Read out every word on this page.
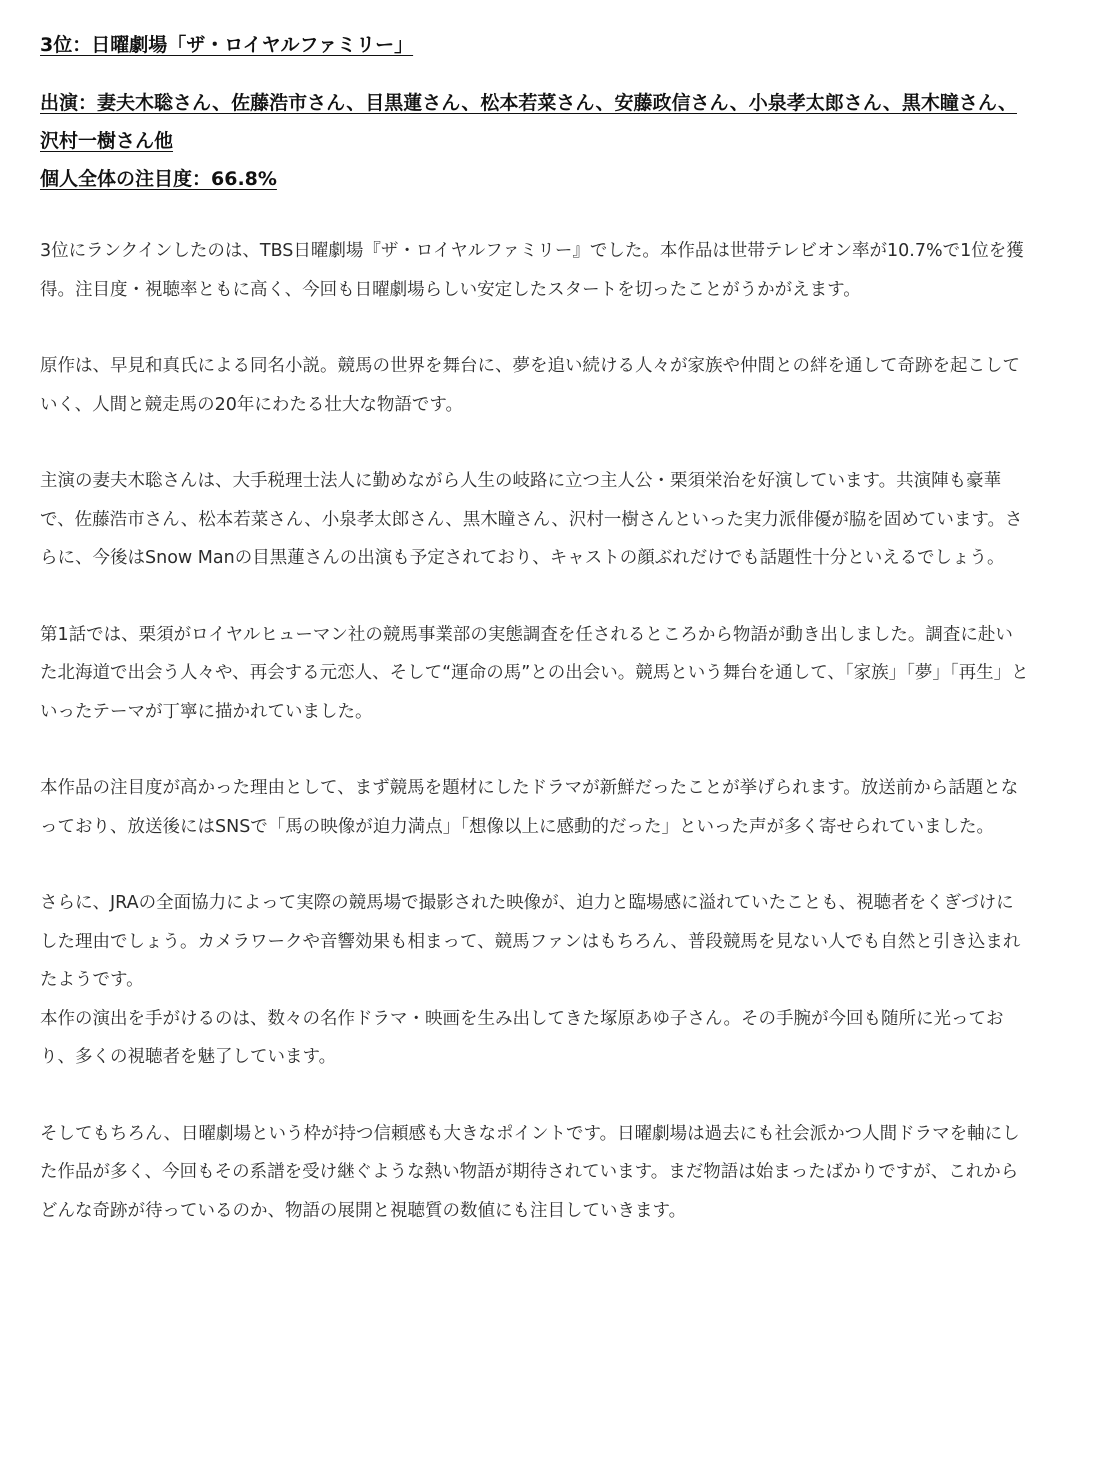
3位：日曜劇場「ザ・ロイヤルファミリー」
出演：妻夫木聡さん、佐藤浩市さん、目黒蓮さん、松本若菜さん、安藤政信さん、小泉孝太郎さん、黒木瞳さん、沢村一樹さん他
個人全体の注目度：66.8%

3位にランクインしたのは、TBS日曜劇場『ザ・ロイヤルファミリー』でした。本作品は世帯テレビオン率が10.7%で1位を獲得。注目度・視聴率ともに高く、今回も日曜劇場らしい安定したスタートを切ったことがうかがえます。

原作は、早見和真氏による同名小説。競馬の世界を舞台に、夢を追い続ける人々が家族や仲間との絆を通して奇跡を起こしていく、人間と競走馬の20年にわたる壮大な物語です。

主演の妻夫木聡さんは、大手税理士法人に勤めながら人生の岐路に立つ主人公・栗須栄治を好演しています。共演陣も豪華で、佐藤浩市さん、松本若菜さん、小泉孝太郎さん、黒木瞳さん、沢村一樹さんといった実力派俳優が脇を固めています。さらに、今後はSnow Manの目黒蓮さんの出演も予定されており、キャストの顔ぶれだけでも話題性十分といえるでしょう。

第1話では、栗須がロイヤルヒューマン社の競馬事業部の実態調査を任されるところから物語が動き出しました。調査に赴いた北海道で出会う人々や、再会する元恋人、そして“運命の馬”との出会い。競馬という舞台を通して、「家族」「夢」「再生」といったテーマが丁寧に描かれていました。

本作品の注目度が高かった理由として、まず競馬を題材にしたドラマが新鮮だったことが挙げられます。放送前から話題となっており、放送後にはSNSで「馬の映像が迫力満点」「想像以上に感動的だった」といった声が多く寄せられていました。

さらに、JRAの全面協力によって実際の競馬場で撮影された映像が、迫力と臨場感に溢れていたことも、視聴者をくぎづけにした理由でしょう。カメラワークや音響効果も相まって、競馬ファンはもちろん、普段競馬を見ない人でも自然と引き込まれたようです。

本作の演出を手がけるのは、数々の名作ドラマ・映画を生み出してきた塚原あゆ子さん。その手腕が今回も随所に光っており、多くの視聴者を魅了しています。

そしてもちろん、日曜劇場という枠が持つ信頼感も大きなポイントです。日曜劇場は過去にも社会派かつ人間ドラマを軸にした作品が多く、今回もその系譜を受け継ぐような熱い物語が期待されています。まだ物語は始まったばかりですが、これからどんな奇跡が待っているのか、物語の展開と視聴質の数値にも注目していきます。
